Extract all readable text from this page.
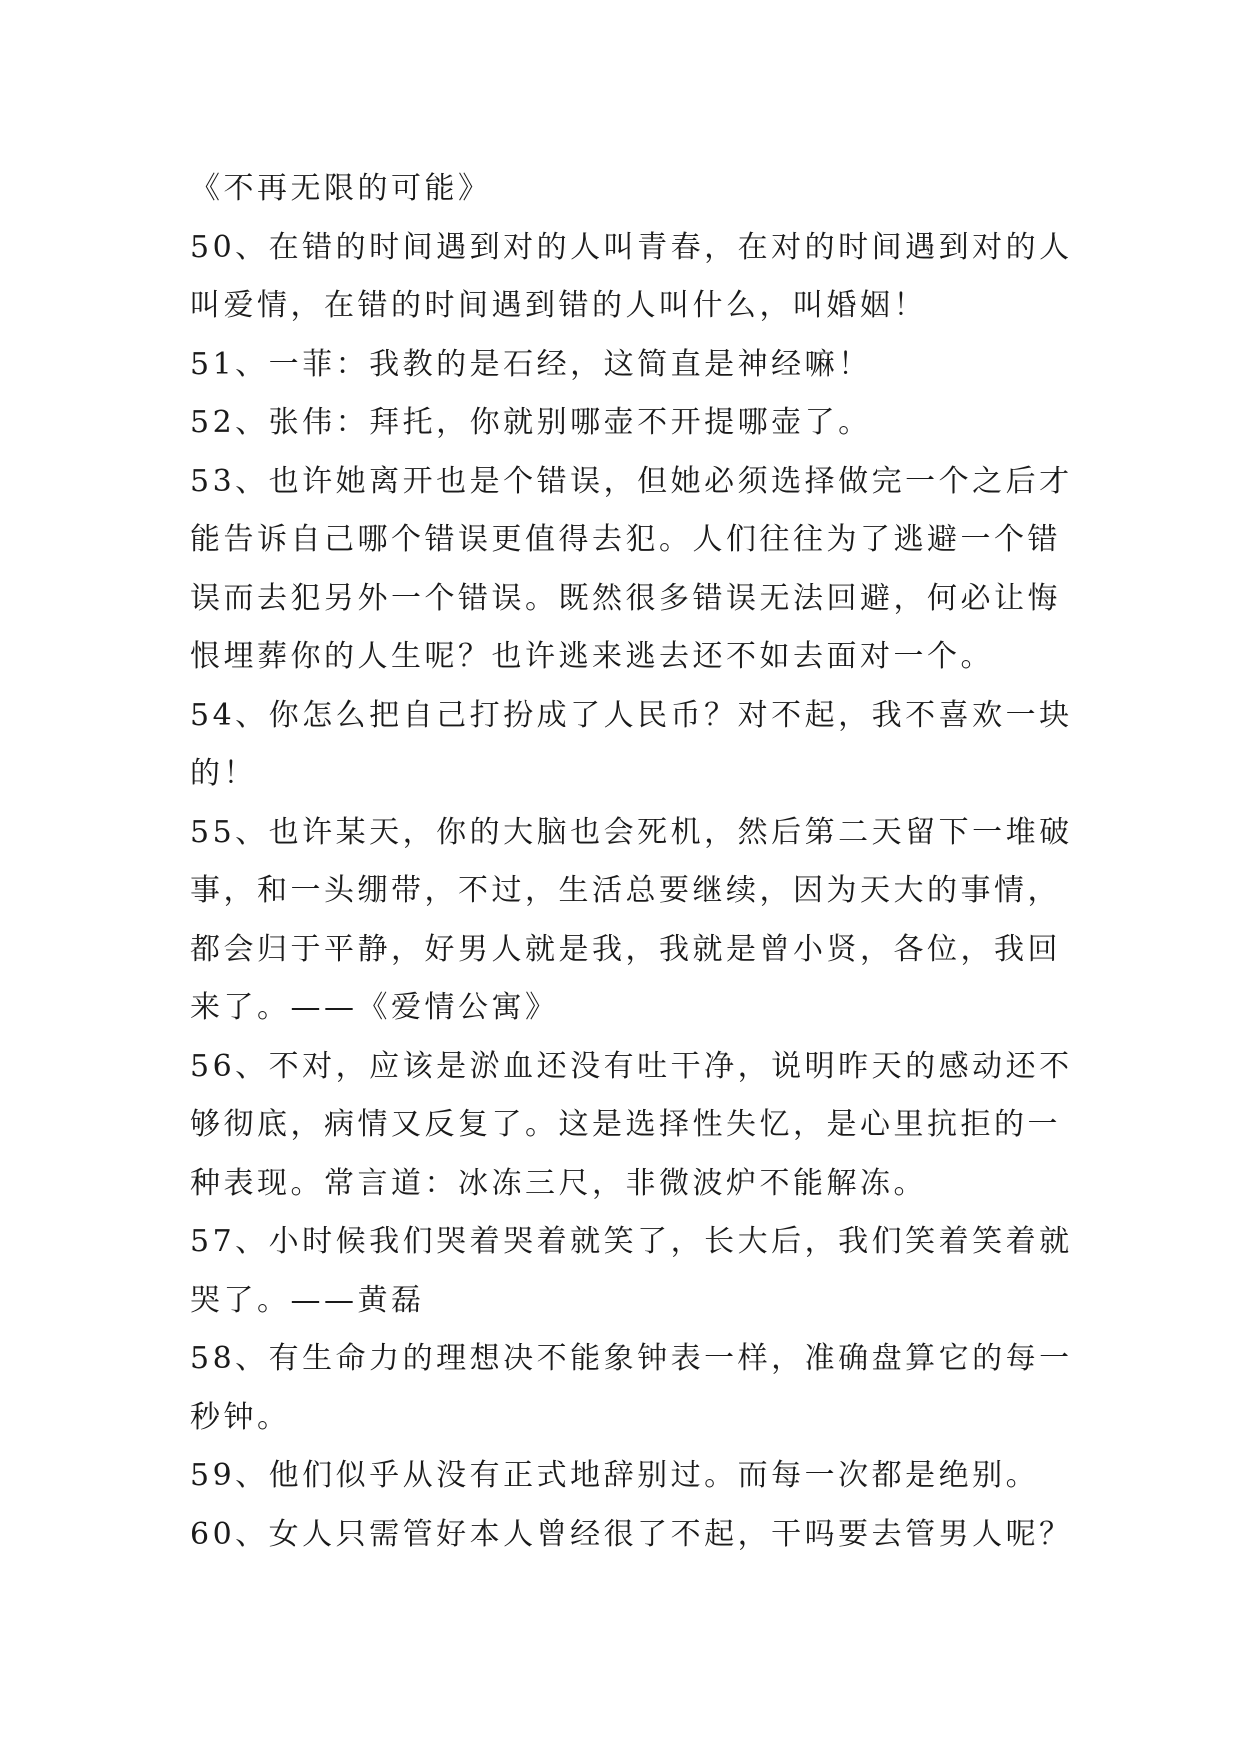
《不再无限的可能》
50、在错的时间遇到对的人叫青春，在对的时间遇到对的人
叫爱情，在错的时间遇到错的人叫什么，叫婚姻！
51、一菲：我教的是石经，这简直是神经嘛！
52、张伟：拜托，你就别哪壶不开提哪壶了。
53、也许她离开也是个错误，但她必须选择做完一个之后才
能告诉自己哪个错误更值得去犯。人们往往为了逃避一个错
误而去犯另外一个错误。既然很多错误无法回避，何必让悔
恨埋葬你的人生呢？也许逃来逃去还不如去面对一个。
54、你怎么把自己打扮成了人民币？对不起，我不喜欢一块
的！
55、也许某天，你的大脑也会死机，然后第二天留下一堆破
事，和一头绷带，不过，生活总要继续，因为天大的事情，
都会归于平静，好男人就是我，我就是曾小贤，各位，我回
来了。——《爱情公寓》
56、不对，应该是淤血还没有吐干净，说明昨天的感动还不
够彻底，病情又反复了。这是选择性失忆，是心里抗拒的一
种表现。常言道：冰冻三尺，非微波炉不能解冻。
57、小时候我们哭着哭着就笑了，长大后，我们笑着笑着就
哭了。——黄磊
58、有生命力的理想决不能象钟表一样，准确盘算它的每一
秒钟。
59、他们似乎从没有正式地辞别过。而每一次都是绝别。
60、女人只需管好本人曾经很了不起，干吗要去管男人呢？
